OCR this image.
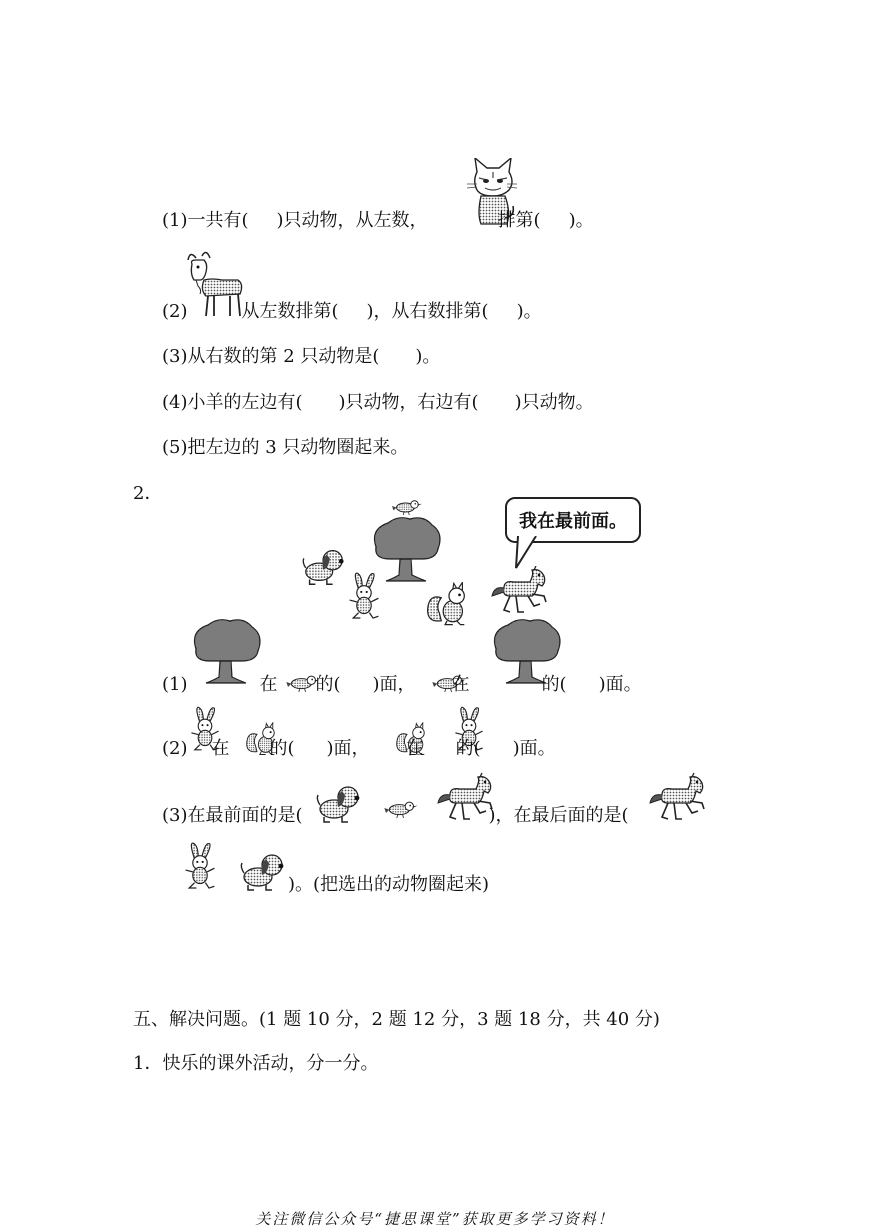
(1)一共有( )只动物，从左数，	排第( )。
(2)	从左数排第( )，从右数排第( )。
(3)从右数的第 2 只动物是(　　)。
(4)小羊的左边有(　　)只动物，右边有(　　)只动物。
(5)把左边的 3 只动物圈起来。
2．
我在最前面。
(1)	在 的( )面， 在	的( )面。
(2) 在 的( )面， 在 的( )面。
(3)在最前面的是(	)，在最后面的是(
)。(把选出的动物圈起来)
五、解决问题。(1 题 10 分，2 题 12 分，3 题 18 分，共 40 分)
1．快乐的课外活动，分一分。
关注微信公众号“捷思课堂”获取更多学习资料！
